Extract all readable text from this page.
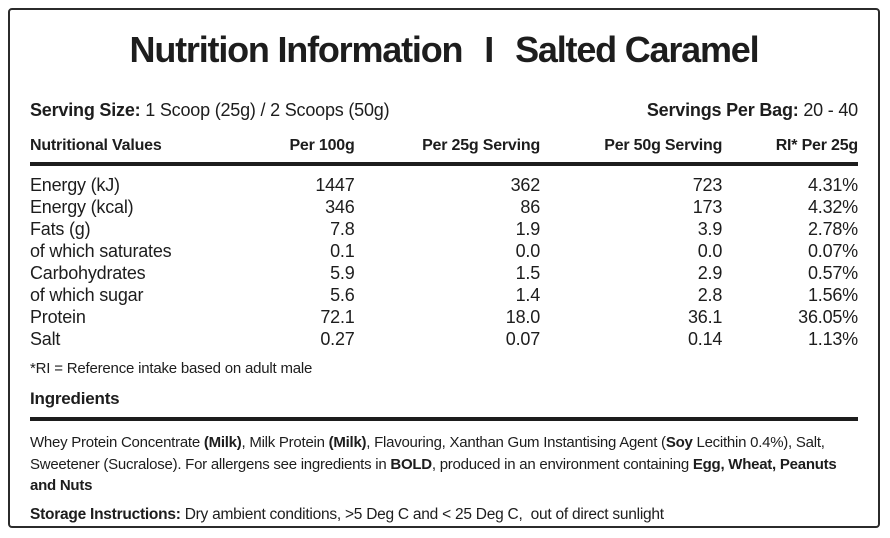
Nutrition Information I Salted Caramel
Serving Size: 1 Scoop (25g) / 2 Scoops (50g)	Servings Per Bag: 20 - 40
Nutritional Values	Per 100g	Per 25g Serving	Per 50g Serving	RI* Per 25g
Energy (kJ)	1447	362	723	4.31%
Energy (kcal)	346	86	173	4.32%
Fats (g)	7.8	1.9	3.9	2.78%
of which saturates	0.1	0.0	0.0	0.07%
Carbohydrates	5.9	1.5	2.9	0.57%
of which sugar	5.6	1.4	2.8	1.56%
Protein	72.1	18.0	36.1	36.05%
Salt	0.27	0.07	0.14	1.13%
*RI = Reference intake based on adult male
Ingredients
Whey Protein Concentrate (Milk), Milk Protein (Milk), Flavouring, Xanthan Gum Instantising Agent (Soy Lecithin 0.4%), Salt,
Sweetener (Sucralose). For allergens see ingredients in BOLD, produced in an environment containing Egg, Wheat, Peanuts
and Nuts
Storage Instructions: Dry ambient conditions, >5 Deg C and < 25 Deg C,  out of direct sunlight
